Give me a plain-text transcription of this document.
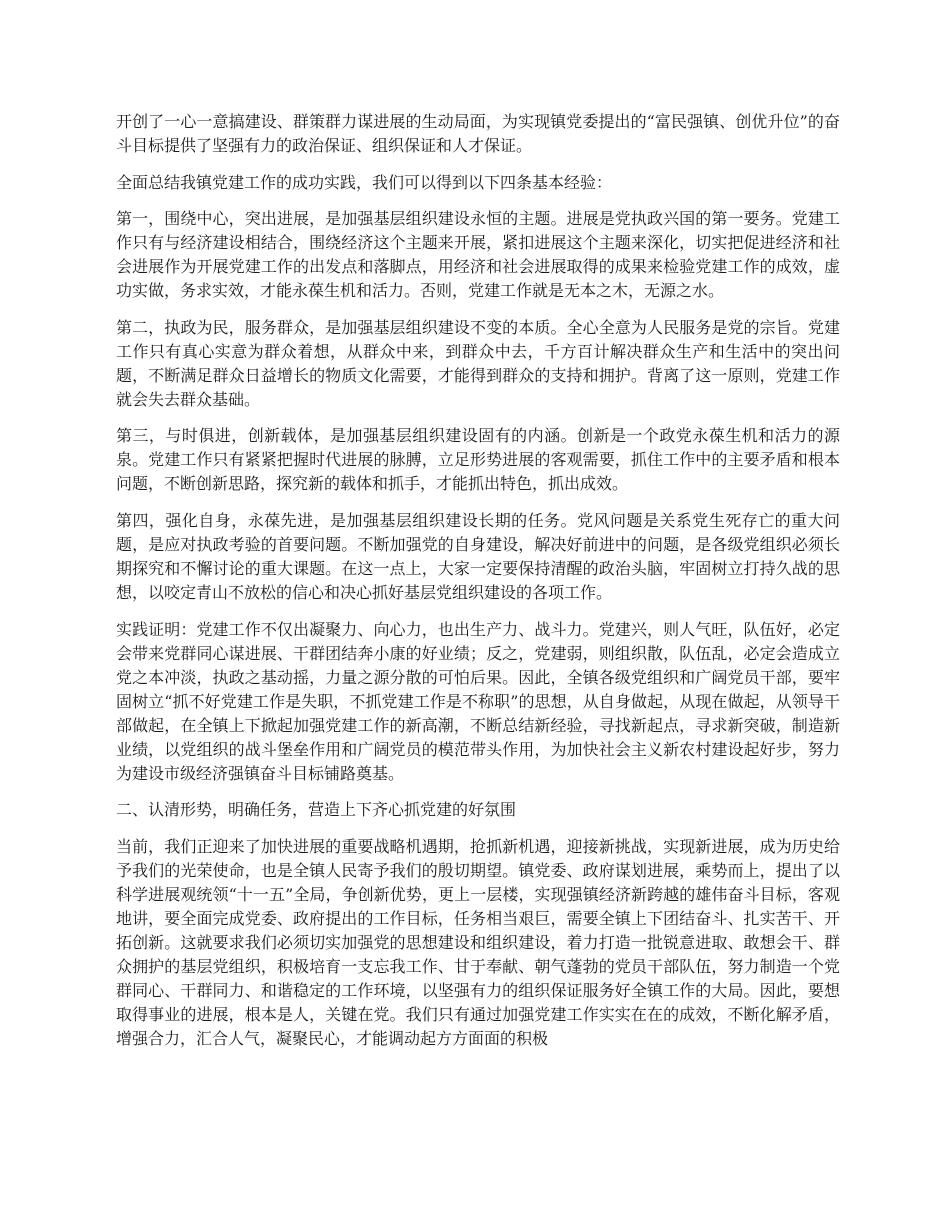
开创了一心一意搞建设、群策群力谋进展的生动局面，为实现镇党委提出的“富民强镇、创优升位”的奋斗目标提供了坚强有力的政治保证、组织保证和人才保证。

全面总结我镇党建工作的成功实践，我们可以得到以下四条基本经验：

第一，围绕中心，突出进展，是加强基层组织建设永恒的主题。进展是党执政兴国的第一要务。党建工作只有与经济建设相结合，围绕经济这个主题来开展，紧扣进展这个主题来深化，切实把促进经济和社会进展作为开展党建工作的出发点和落脚点，用经济和社会进展取得的成果来检验党建工作的成效，虚功实做，务求实效，才能永葆生机和活力。否则，党建工作就是无本之木，无源之水。

第二，执政为民，服务群众，是加强基层组织建设不变的本质。全心全意为人民服务是党的宗旨。党建工作只有真心实意为群众着想，从群众中来，到群众中去，千方百计解决群众生产和生活中的突出问题，不断满足群众日益增长的物质文化需要，才能得到群众的支持和拥护。背离了这一原则，党建工作就会失去群众基础。

第三，与时俱进，创新载体，是加强基层组织建设固有的内涵。创新是一个政党永葆生机和活力的源泉。党建工作只有紧紧把握时代进展的脉膊，立足形势进展的客观需要，抓住工作中的主要矛盾和根本问题，不断创新思路，探究新的载体和抓手，才能抓出特色，抓出成效。

第四，强化自身，永葆先进，是加强基层组织建设长期的任务。党风问题是关系党生死存亡的重大问题，是应对执政考验的首要问题。不断加强党的自身建设，解决好前进中的问题，是各级党组织必须长期探究和不懈讨论的重大课题。在这一点上，大家一定要保持清醒的政治头脑，牢固树立打持久战的思想，以咬定青山不放松的信心和决心抓好基层党组织建设的各项工作。

实践证明：党建工作不仅出凝聚力、向心力，也出生产力、战斗力。党建兴，则人气旺，队伍好，必定会带来党群同心谋进展、干群团结奔小康的好业绩；反之，党建弱，则组织散，队伍乱，必定会造成立党之本冲淡，执政之基动摇，力量之源分散的可怕后果。因此，全镇各级党组织和广阔党员干部，要牢固树立“抓不好党建工作是失职，不抓党建工作是不称职”的思想，从自身做起，从现在做起，从领导干部做起，在全镇上下掀起加强党建工作的新高潮，不断总结新经验，寻找新起点，寻求新突破，制造新业绩，以党组织的战斗堡垒作用和广阔党员的模范带头作用，为加快社会主义新农村建设起好步，努力为建设市级经济强镇奋斗目标铺路奠基。

二、认清形势，明确任务，营造上下齐心抓党建的好氛围

当前，我们正迎来了加快进展的重要战略机遇期，抢抓新机遇，迎接新挑战，实现新进展，成为历史给予我们的光荣使命，也是全镇人民寄予我们的殷切期望。镇党委、政府谋划进展，乘势而上，提出了以科学进展观统领“十一五”全局，争创新优势，更上一层楼，实现强镇经济新跨越的雄伟奋斗目标，客观地讲，要全面完成党委、政府提出的工作目标，任务相当艰巨，需要全镇上下团结奋斗、扎实苦干、开拓创新。这就要求我们必须切实加强党的思想建设和组织建设，着力打造一批锐意进取、敢想会干、群众拥护的基层党组织，积极培育一支忘我工作、甘于奉献、朝气蓬勃的党员干部队伍，努力制造一个党群同心、干群同力、和谐稳定的工作环境，以坚强有力的组织保证服务好全镇工作的大局。因此，要想取得事业的进展，根本是人，关键在党。我们只有通过加强党建工作实实在在的成效，不断化解矛盾，增强合力，汇合人气，凝聚民心，才能调动起方方面面的积极
